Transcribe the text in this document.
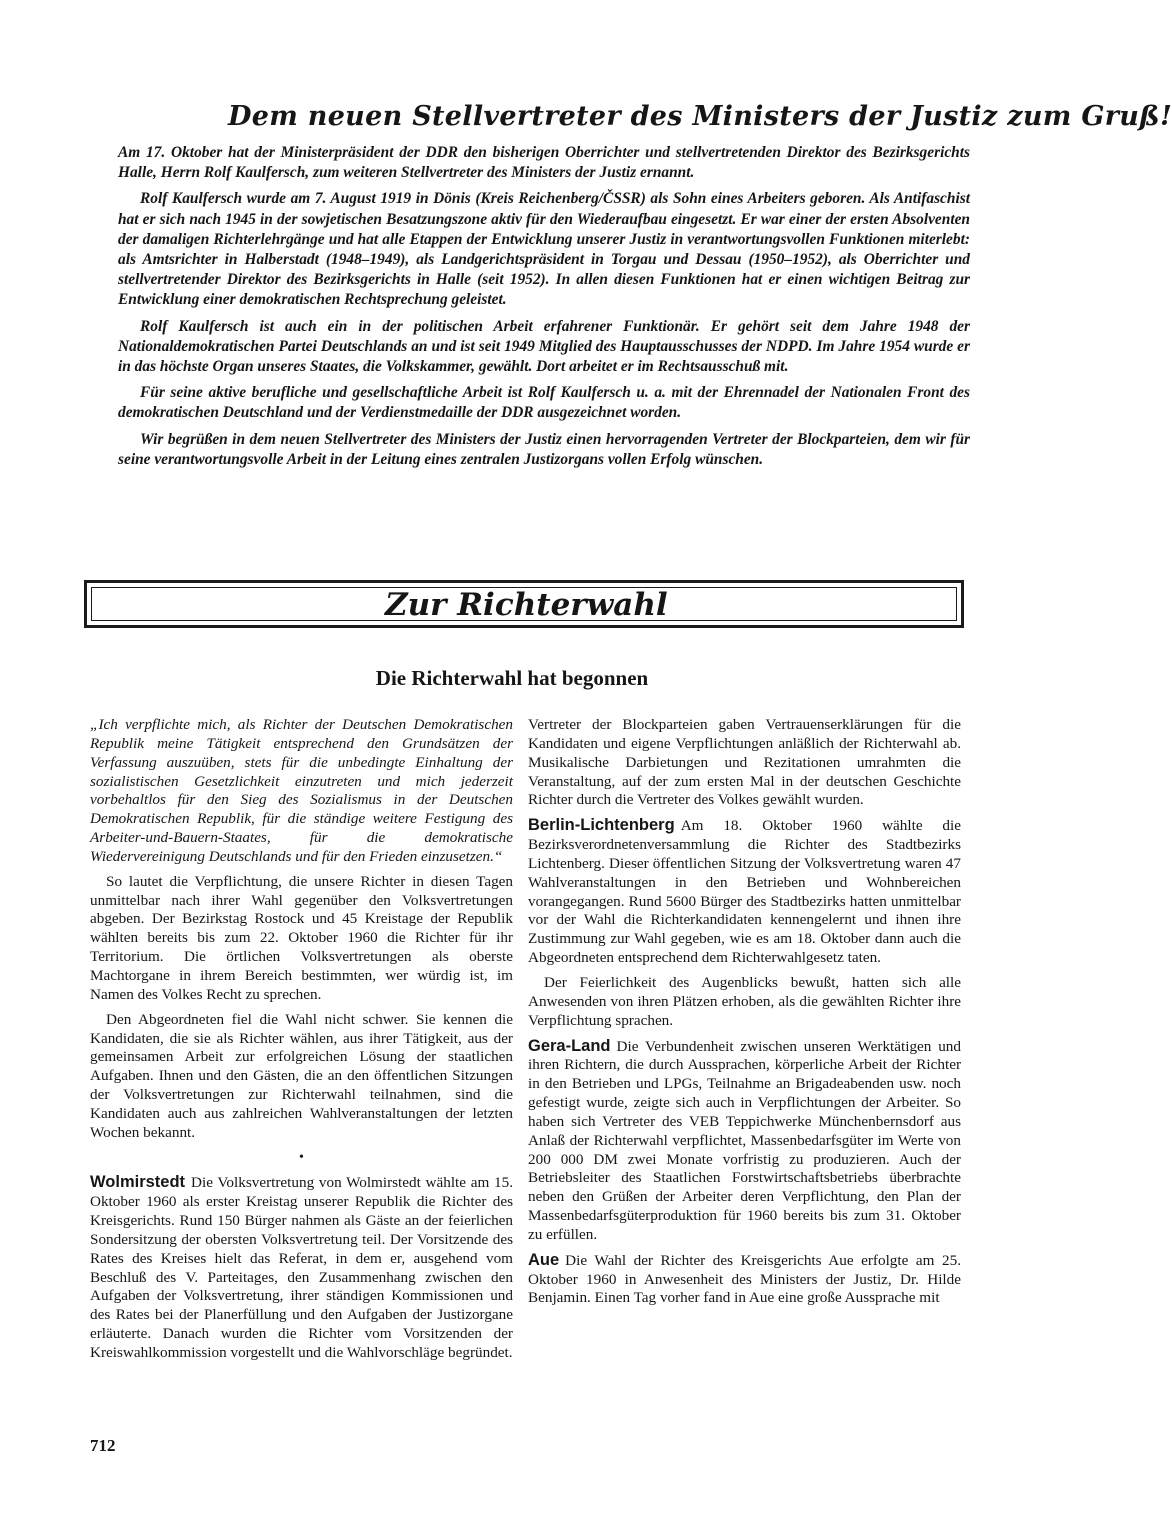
Dem neuen Stellvertreter des Ministers der Justiz zum Gruß!

Am 17. Oktober hat der Ministerpräsident der DDR den bisherigen Oberrichter und stellvertretenden Direktor des Bezirksgerichts Halle, Herrn Rolf Kaulfersch, zum weiteren Stellvertreter des Ministers der Justiz ernannt.

Rolf Kaulfersch wurde am 7. August 1919 in Dönis (Kreis Reichenberg/ČSSR) als Sohn eines Arbeiters geboren. Als Antifaschist hat er sich nach 1945 in der sowjetischen Besatzungszone aktiv für den Wiederaufbau eingesetzt. Er war einer der ersten Absolventen der damaligen Richterlehrgänge und hat alle Etappen der Entwicklung unserer Justiz in verantwortungsvollen Funktionen miterlebt: als Amtsrichter in Halberstadt (1948–1949), als Landgerichtspräsident in Torgau und Dessau (1950–1952), als Oberrichter und stellvertretender Direktor des Bezirksgerichts in Halle (seit 1952). In allen diesen Funktionen hat er einen wichtigen Beitrag zur Entwicklung einer demokratischen Rechtsprechung geleistet.

Rolf Kaulfersch ist auch ein in der politischen Arbeit erfahrener Funktionär. Er gehört seit dem Jahre 1948 der Nationaldemokratischen Partei Deutschlands an und ist seit 1949 Mitglied des Hauptausschusses der NDPD. Im Jahre 1954 wurde er in das höchste Organ unseres Staates, die Volkskammer, gewählt. Dort arbeitet er im Rechtsausschuß mit.

Für seine aktive berufliche und gesellschaftliche Arbeit ist Rolf Kaulfersch u. a. mit der Ehrennadel der Nationalen Front des demokratischen Deutschland und der Verdienstmedaille der DDR ausgezeichnet worden.

Wir begrüßen in dem neuen Stellvertreter des Ministers der Justiz einen hervorragenden Vertreter der Blockparteien, dem wir für seine verantwortungsvolle Arbeit in der Leitung eines zentralen Justizorgans vollen Erfolg wünschen.

Zur Richterwahl
Die Richterwahl hat begonnen

„Ich verpflichte mich, als Richter der Deutschen Demokratischen Republik meine Tätigkeit entsprechend den Grundsätzen der Verfassung auszuüben, stets für die unbedingte Einhaltung der sozialistischen Gesetzlichkeit einzutreten und mich jederzeit vorbehaltlos für den Sieg des Sozialismus in der Deutschen Demokratischen Republik, für die ständige weitere Festigung des Arbeiter-und-Bauern-Staates, für die demokratische Wiedervereinigung Deutschlands und für den Frieden einzusetzen.“

So lautet die Verpflichtung, die unsere Richter in diesen Tagen unmittelbar nach ihrer Wahl gegenüber den Volksvertretungen abgeben. Der Bezirkstag Rostock und 45 Kreistage der Republik wählten bereits bis zum 22. Oktober 1960 die Richter für ihr Territorium. Die örtlichen Volksvertretungen als oberste Machtorgane in ihrem Bereich bestimmten, wer würdig ist, im Namen des Volkes Recht zu sprechen.

Den Abgeordneten fiel die Wahl nicht schwer. Sie kennen die Kandidaten, die sie als Richter wählen, aus ihrer Tätigkeit, aus der gemeinsamen Arbeit zur erfolgreichen Lösung der staatlichen Aufgaben. Ihnen und den Gästen, die an den öffentlichen Sitzungen der Volksvertretungen zur Richterwahl teilnahmen, sind die Kandidaten auch aus zahlreichen Wahlveranstaltungen der letzten Wochen bekannt.

•

Wolmirstedt Die Volksvertretung von Wolmirstedt wählte am 15. Oktober 1960 als erster Kreistag unserer Republik die Richter des Kreisgerichts. Rund 150 Bürger nahmen als Gäste an der feierlichen Sondersitzung der obersten Volksvertretung teil. Der Vorsitzende des Rates des Kreises hielt das Referat, in dem er, ausgehend vom Beschluß des V. Parteitages, den Zusammenhang zwischen den Aufgaben der Volksvertretung, ihrer ständigen Kommissionen und des Rates bei der Planerfüllung und den Aufgaben der Justizorgane erläuterte. Danach wurden die Richter vom Vorsitzenden der Kreiswahlkommission vorgestellt und die Wahlvorschläge begründet.

Vertreter der Blockparteien gaben Vertrauenserklärungen für die Kandidaten und eigene Verpflichtungen anläßlich der Richterwahl ab. Musikalische Darbietungen und Rezitationen umrahmten die Veranstaltung, auf der zum ersten Mal in der deutschen Geschichte Richter durch die Vertreter des Volkes gewählt wurden.

Berlin-Lichtenberg Am 18. Oktober 1960 wählte die Bezirksverordnetenversammlung die Richter des Stadtbezirks Lichtenberg. Dieser öffentlichen Sitzung der Volksvertretung waren 47 Wahlveranstaltungen in den Betrieben und Wohnbereichen vorangegangen. Rund 5600 Bürger des Stadtbezirks hatten unmittelbar vor der Wahl die Richterkandidaten kennengelernt und ihnen ihre Zustimmung zur Wahl gegeben, wie es am 18. Oktober dann auch die Abgeordneten entsprechend dem Richterwahlgesetz taten.

Der Feierlichkeit des Augenblicks bewußt, hatten sich alle Anwesenden von ihren Plätzen erhoben, als die gewählten Richter ihre Verpflichtung sprachen.

Gera-Land Die Verbundenheit zwischen unseren Werktätigen und ihren Richtern, die durch Aussprachen, körperliche Arbeit der Richter in den Betrieben und LPGs, Teilnahme an Brigadeabenden usw. noch gefestigt wurde, zeigte sich auch in Verpflichtungen der Arbeiter. So haben sich Vertreter des VEB Teppichwerke Münchenbernsdorf aus Anlaß der Richterwahl verpflichtet, Massenbedarfsgüter im Werte von 200 000 DM zwei Monate vorfristig zu produzieren. Auch der Betriebsleiter des Staatlichen Forstwirtschaftsbetriebs überbrachte neben den Grüßen der Arbeiter deren Verpflichtung, den Plan der Massenbedarfsgüterproduktion für 1960 bereits bis zum 31. Oktober zu erfüllen.

Aue Die Wahl der Richter des Kreisgerichts Aue erfolgte am 25. Oktober 1960 in Anwesenheit des Ministers der Justiz, Dr. Hilde Benjamin. Einen Tag vorher fand in Aue eine große Aussprache mit

712
